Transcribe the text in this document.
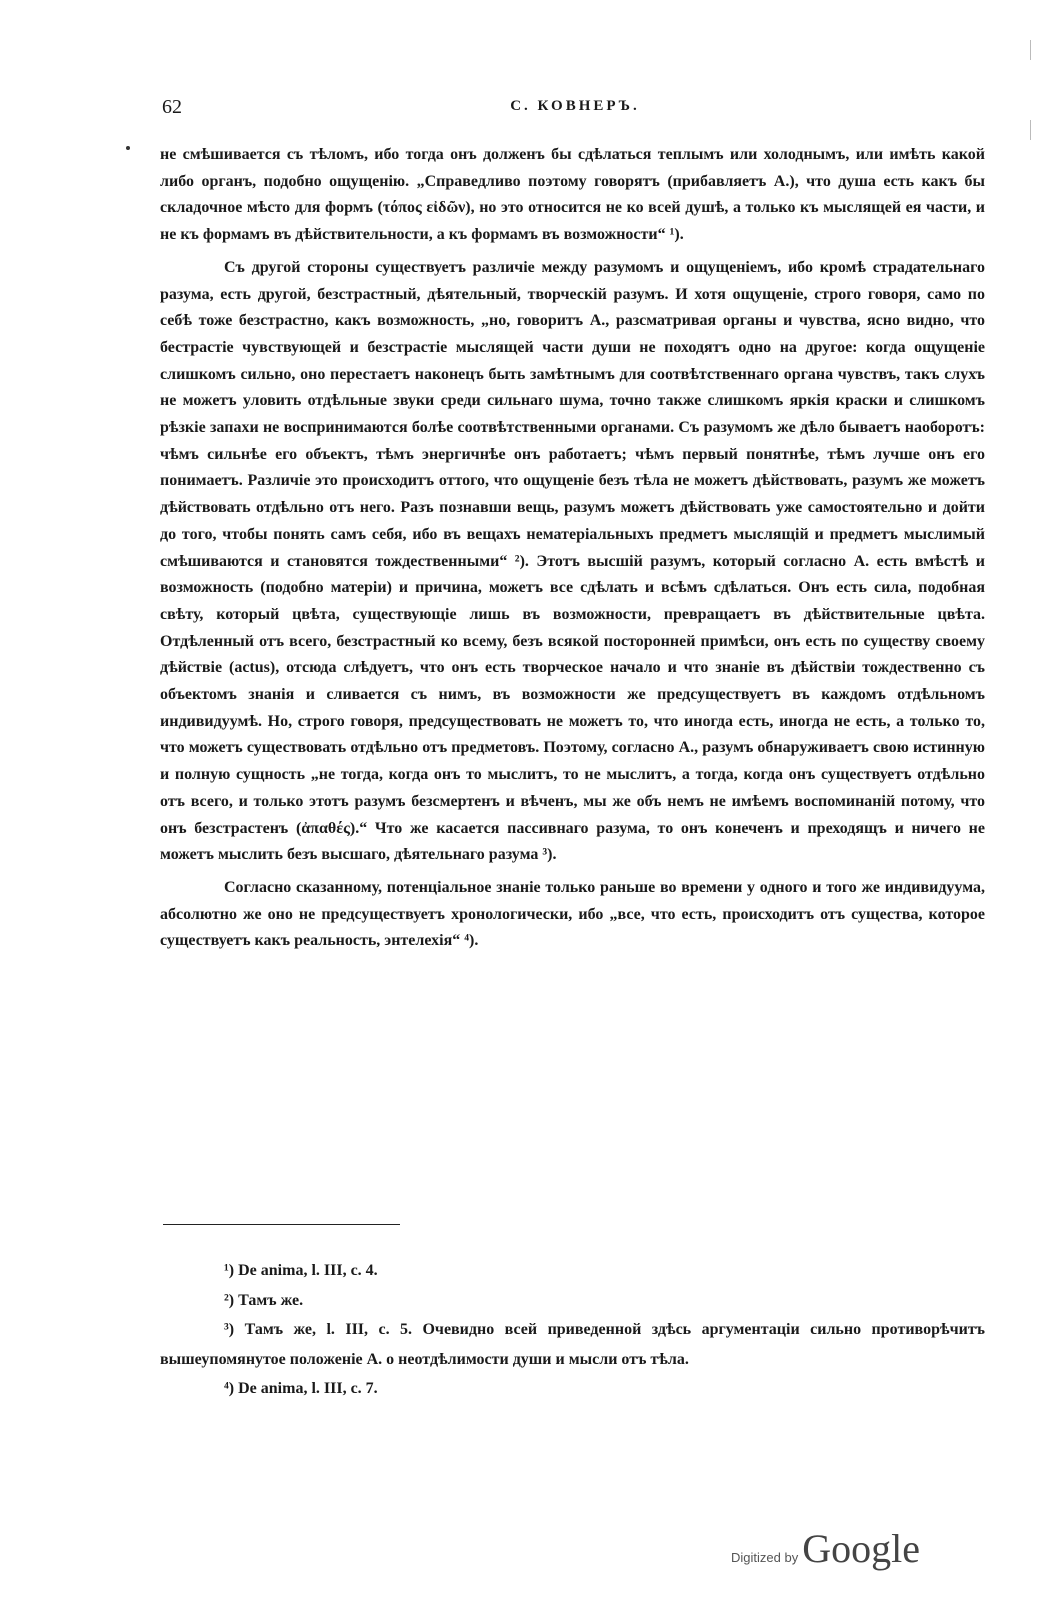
62	С. КОВНЕРЪ.

не смѣшивается съ тѣломъ, ибо тогда онъ долженъ бы сдѣлаться теплымъ или холоднымъ, или имѣть какой либо органъ, подобно ощущенію. „Справедливо поэтому говорятъ (прибавляетъ А.), что душа есть какъ бы складочное мѣсто для формъ (τόπος εἰδῶν), но это относится не ко всей душѣ, а только къ мыслящей ея части, и не къ формамъ въ дѣйствительности, а къ формамъ въ возможности“ ¹).

Съ другой стороны существуетъ различіе между разумомъ и ощущеніемъ, ибо кромѣ страдательнаго разума, есть другой, безстрастный, дѣятельный, творческій разумъ. И хотя ощущеніе, строго говоря, само по себѣ тоже безстрастно, какъ возможность, „но, говоритъ А., разсматривая органы и чувства, ясно видно, что бестрастіе чувствующей и безстрастіе мыслящей части души не походятъ одно на другое: когда ощущеніе слишкомъ сильно, оно перестаетъ наконецъ быть замѣтнымъ для соотвѣтственнаго органа чувствъ, такъ слухъ не можетъ уловить отдѣльные звуки среди сильнаго шума, точно также слишкомъ яркія краски и слишкомъ рѣзкіе запахи не воспринимаются болѣе соотвѣтственными органами. Съ разумомъ же дѣло бываетъ наоборотъ: чѣмъ сильнѣе его объектъ, тѣмъ энергичнѣе онъ работаетъ; чѣмъ первый понятнѣе, тѣмъ лучше онъ его понимаетъ. Различіе это происходитъ оттого, что ощущеніе безъ тѣла не можетъ дѣйствовать, разумъ же можетъ дѣйствовать отдѣльно отъ него. Разъ познавши вещь, разумъ можетъ дѣйствовать уже самостоятельно и дойти до того, чтобы понять самъ себя, ибо въ вещахъ нематеріальныхъ предметъ мыслящій и предметъ мыслимый смѣшиваются и становятся тождественными“ ²). Этотъ высшій разумъ, который согласно А. есть вмѣстѣ и возможность (подобно матеріи) и причина, можетъ все сдѣлать и всѣмъ сдѣлаться. Онъ есть сила, подобная свѣту, который цвѣта, существующіе лишь въ возможности, превращаетъ въ дѣйствительные цвѣта. Отдѣленный отъ всего, безстрастный ко всему, безъ всякой посторонней примѣси, онъ есть по существу своему дѣйствіе (actus), отсюда слѣдуетъ, что онъ есть творческое начало и что знаніе въ дѣйствіи тождественно съ объектомъ знанія и сливается съ нимъ, въ возможности же предсуществуетъ въ каждомъ отдѣльномъ индивидуумѣ. Но, строго говоря, предсуществовать не можетъ то, что иногда есть, иногда не есть, а только то, что можетъ существовать отдѣльно отъ предметовъ. Поэтому, согласно А., разумъ обнаруживаетъ свою истинную и полную сущность „не тогда, когда онъ то мыслитъ, то не мыслитъ, а тогда, когда онъ существуетъ отдѣльно отъ всего, и только этотъ разумъ безсмертенъ и вѣченъ, мы же объ немъ не имѣемъ воспоминаній потому, что онъ безстрастенъ (ἀπαθές).“ Что же касается пассивнаго разума, то онъ конеченъ и преходящъ и ничего не можетъ мыслить безъ высшаго, дѣятельнаго разума ³).

Согласно сказанному, потенціальное знаніе только раньше во времени у одного и того же индивидуума, абсолютно же оно не предсуществуетъ хронологически, ибо „все, что есть, происходитъ отъ существа, которое существуетъ какъ реальность, энтелехія“ ⁴).

¹) De anima, l. III, c. 4.

²) Тамъ же.

³) Тамъ же, l. III, c. 5. Очевидно всей приведенной здѣсь аргументаціи сильно противорѣчитъ вышеупомянутое положеніе А. о неотдѣлимости души и мысли отъ тѣла.

⁴) De anima, l. III, c. 7.

Digitized by Google
